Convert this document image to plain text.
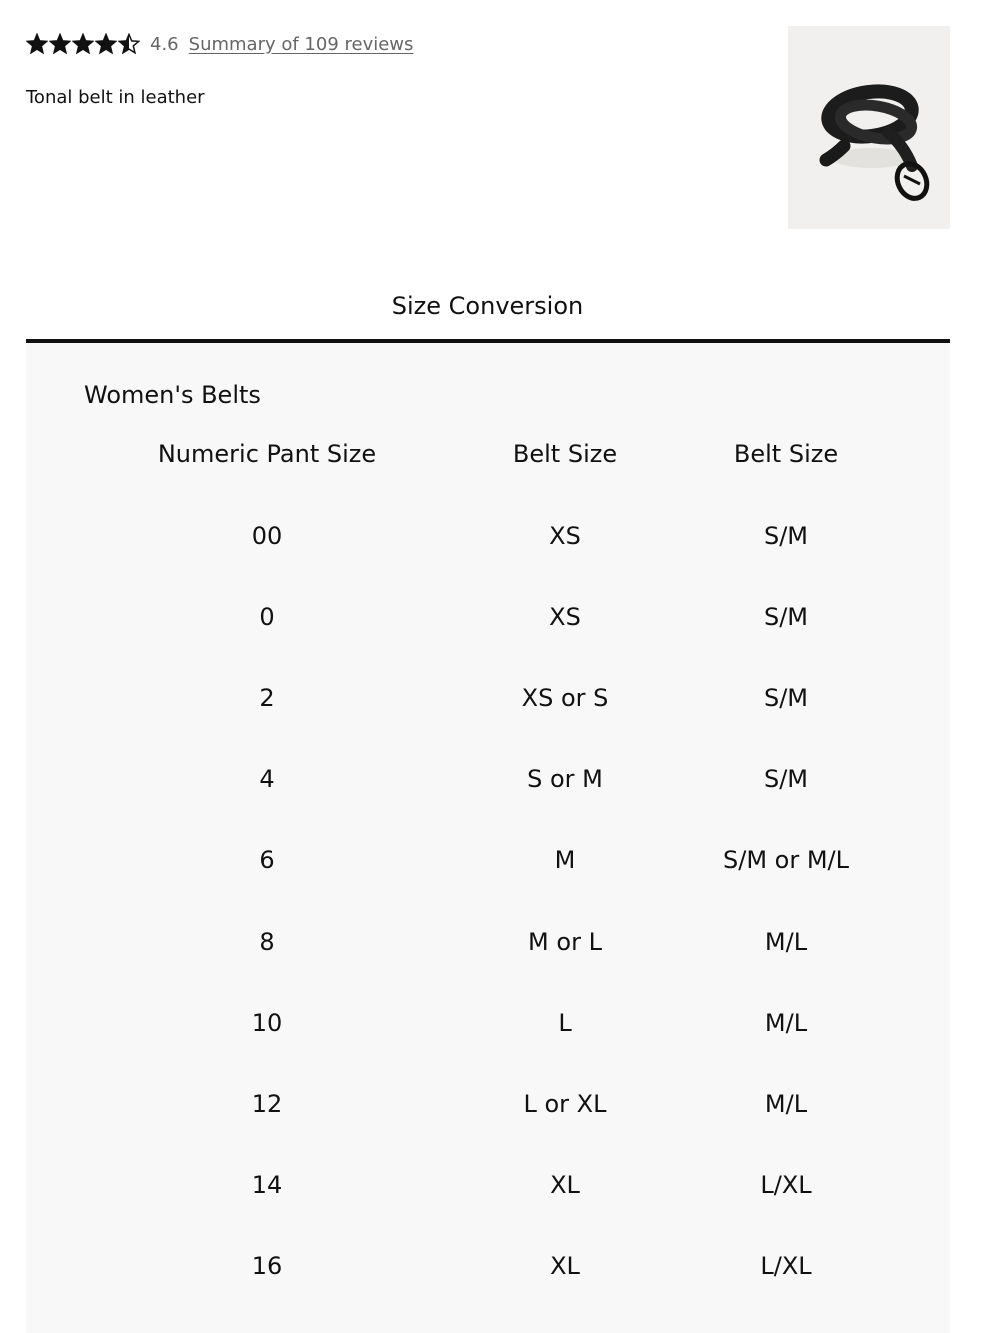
4.6 Summary of 109 reviews
Tonal belt in leather
Size Conversion
Women's Belts
Numeric Pant Size	Belt Size	Belt Size
00	XS	S/M
0	XS	S/M
2	XS or S	S/M
4	S or M	S/M
6	M	S/M or M/L
8	M or L	M/L
10	L	M/L
12	L or XL	M/L
14	XL	L/XL
16	XL	L/XL
